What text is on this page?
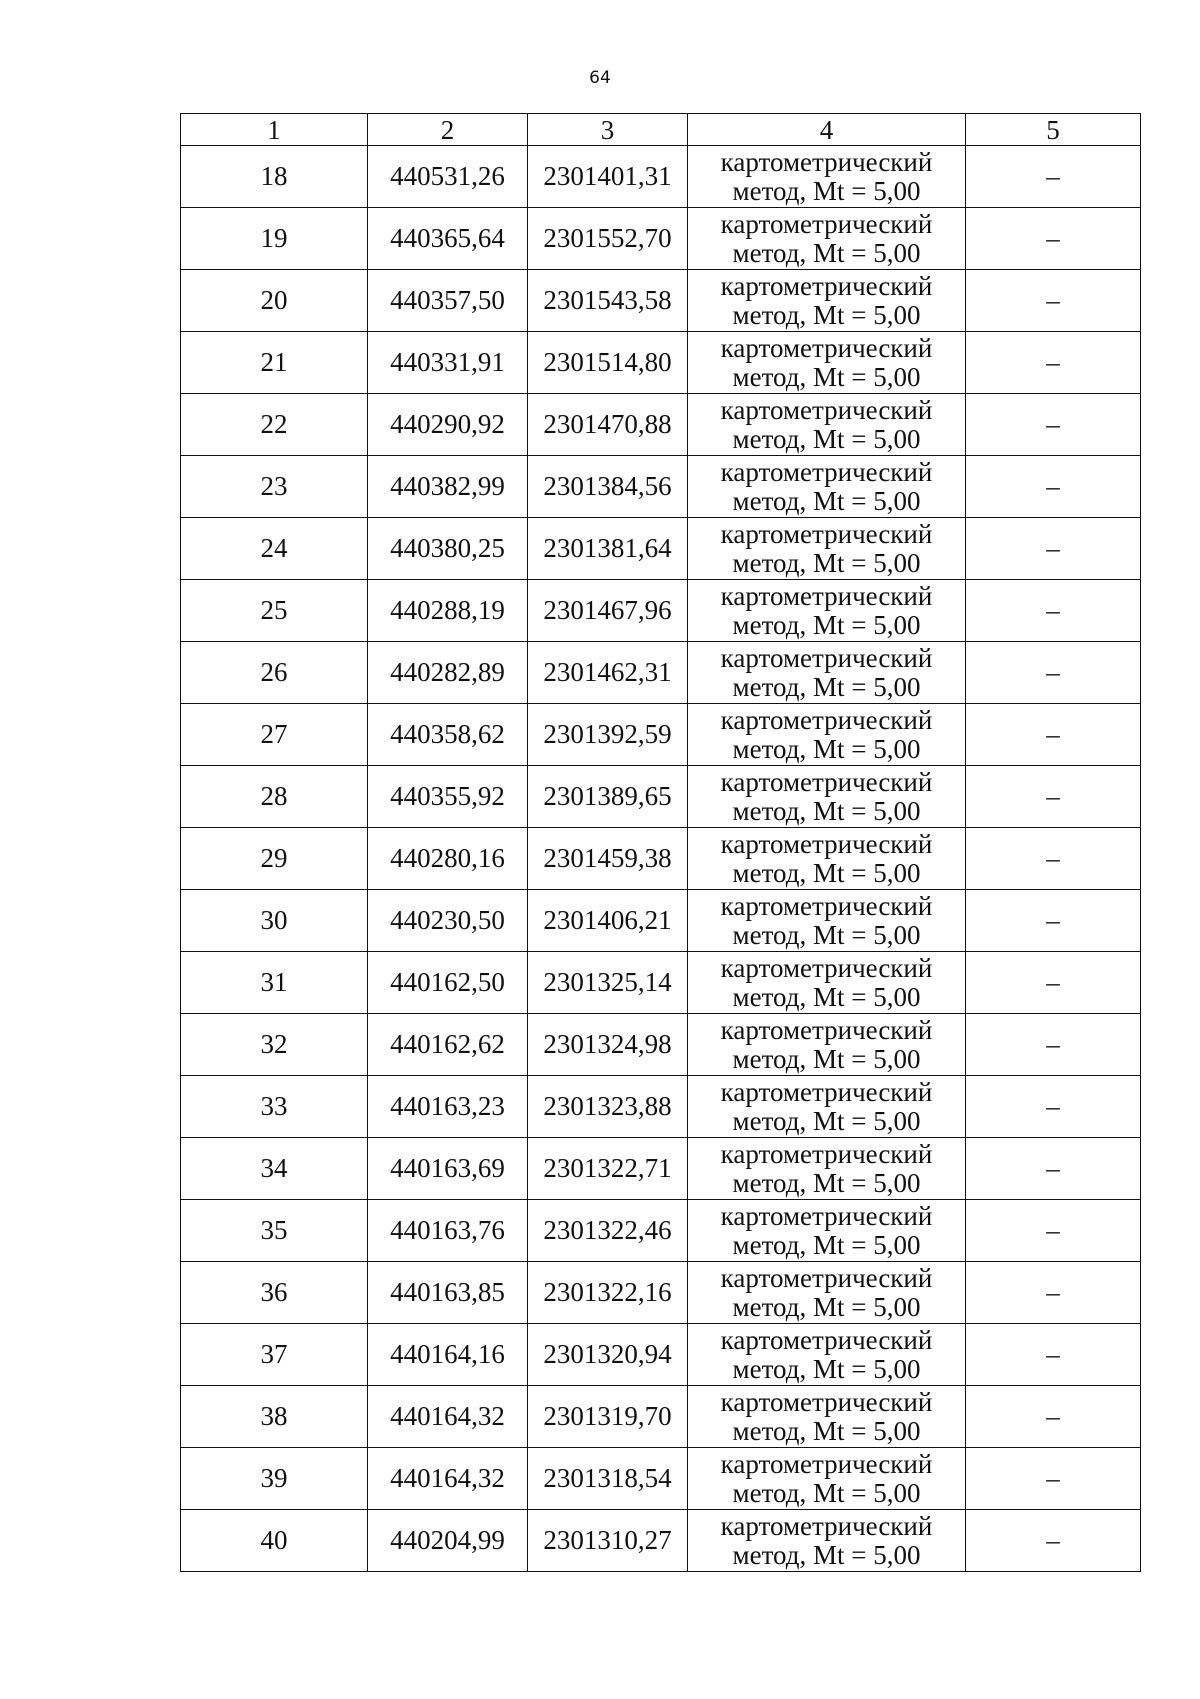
64
1	2	3	4	5
18	440531,26	2301401,31	картометрический
метод, Mt = 5,00	–
19	440365,64	2301552,70	картометрический
метод, Mt = 5,00	–
20	440357,50	2301543,58	картометрический
метод, Mt = 5,00	–
21	440331,91	2301514,80	картометрический
метод, Mt = 5,00	–
22	440290,92	2301470,88	картометрический
метод, Mt = 5,00	–
23	440382,99	2301384,56	картометрический
метод, Mt = 5,00	–
24	440380,25	2301381,64	картометрический
метод, Mt = 5,00	–
25	440288,19	2301467,96	картометрический
метод, Mt = 5,00	–
26	440282,89	2301462,31	картометрический
метод, Mt = 5,00	–
27	440358,62	2301392,59	картометрический
метод, Mt = 5,00	–
28	440355,92	2301389,65	картометрический
метод, Mt = 5,00	–
29	440280,16	2301459,38	картометрический
метод, Mt = 5,00	–
30	440230,50	2301406,21	картометрический
метод, Mt = 5,00	–
31	440162,50	2301325,14	картометрический
метод, Mt = 5,00	–
32	440162,62	2301324,98	картометрический
метод, Mt = 5,00	–
33	440163,23	2301323,88	картометрический
метод, Mt = 5,00	–
34	440163,69	2301322,71	картометрический
метод, Mt = 5,00	–
35	440163,76	2301322,46	картометрический
метод, Mt = 5,00	–
36	440163,85	2301322,16	картометрический
метод, Mt = 5,00	–
37	440164,16	2301320,94	картометрический
метод, Mt = 5,00	–
38	440164,32	2301319,70	картометрический
метод, Mt = 5,00	–
39	440164,32	2301318,54	картометрический
метод, Mt = 5,00	–
40	440204,99	2301310,27	картометрический
метод, Mt = 5,00	–
